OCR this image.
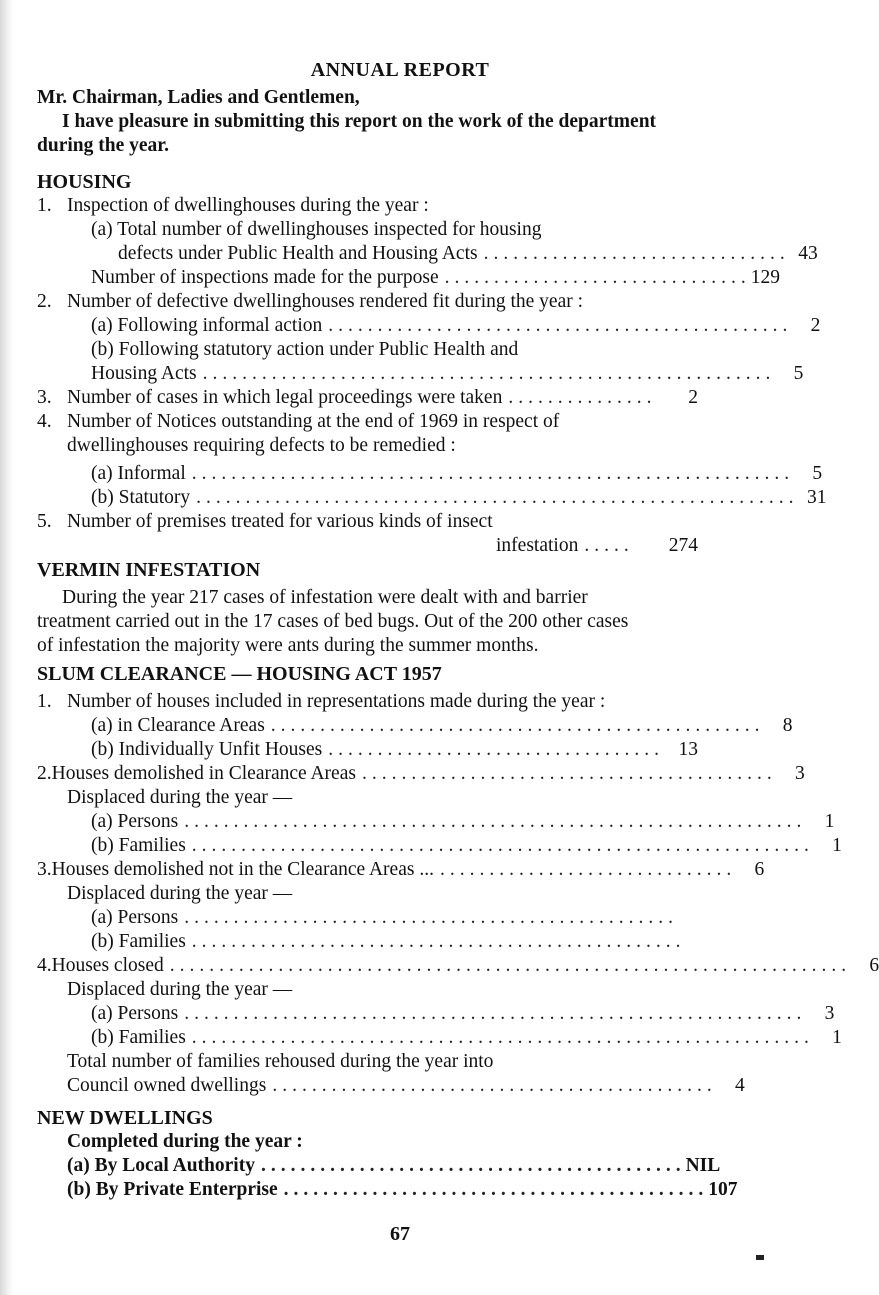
ANNUAL REPORT
Mr. Chairman, Ladies and Gentlemen,
I have pleasure in submitting this report on the work of the department
during the year.
HOUSING
1. Inspection of dwellinghouses during the year :
(a) Total number of dwellinghouses inspected for housing
defects under Public Health and Housing Acts ............................... 43
Number of inspections made for the purpose ............................... 129
2. Number of defective dwellinghouses rendered fit during the year :
(a) Following informal action ............................................... 2
(b) Following statutory action under Public Health and
Housing Acts .......................................................... 5
3. Number of cases in which legal proceedings were taken ...............	2
4. Number of Notices outstanding at the end of 1969 in respect of
dwellinghouses requiring defects to be remedied :
(a) Informal ............................................................. 5
(b) Statutory ............................................................. 31
5. Number of premises treated for various kinds of insect
infestation .....	274
VERMIN INFESTATION
During the year 217 cases of infestation were dealt with and barrier
treatment carried out in the 17 cases of bed bugs. Out of the 200 other cases
of infestation the majority were ants during the summer months.
SLUM CLEARANCE — HOUSING ACT 1957
1. Number of houses included in representations made during the year :
(a) in Clearance Areas .................................................. 8
(b) Individually Unfit Houses .................................. 13
2. Houses demolished in Clearance Areas .......................................... 3
Displaced during the year —
(a) Persons ............................................................... 1
(b) Families ............................................................... 1
3. Houses demolished not in the Clearance Areas ... .............................. 6
Displaced during the year —
(a) Persons ..................................................
(b) Families ..................................................
4. Houses closed ..................................................................... 6
Displaced during the year —
(a) Persons ............................................................... 3
(b) Families ............................................................... 1
Total number of families rehoused during the year into
Council owned dwellings ............................................. 4
NEW DWELLINGS
Completed during the year :
(a) By Local Authority ........................................... NIL
(b) By Private Enterprise ........................................... 107
67
